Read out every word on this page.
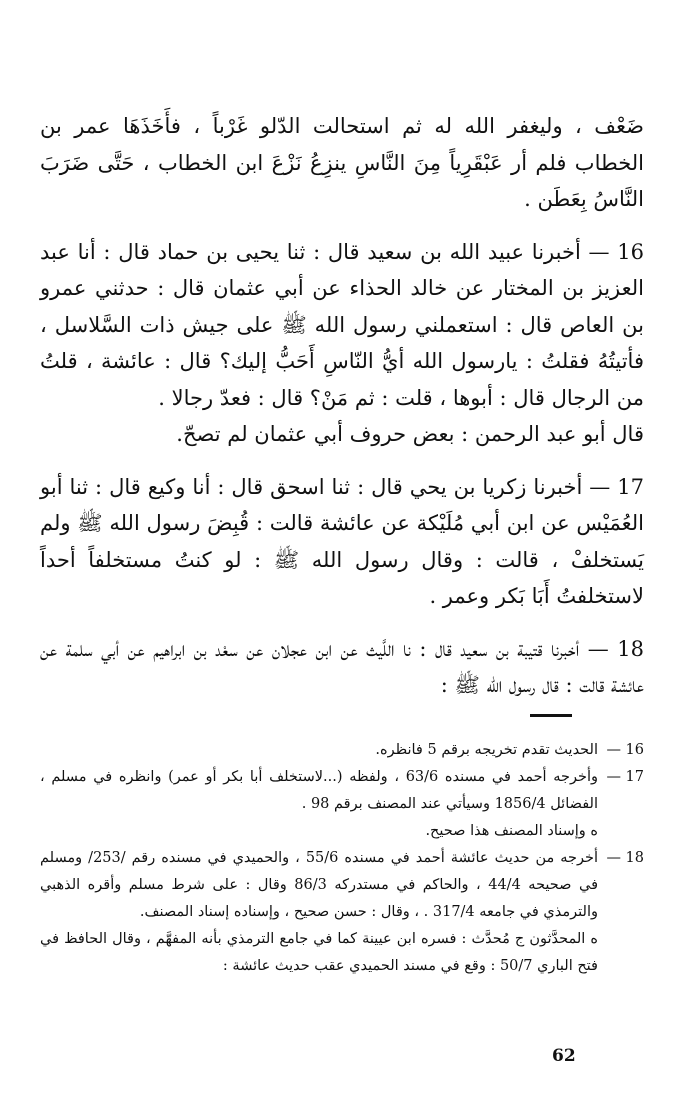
ضَعْف ، وليغفر الله له ثم استحالت الدّلو غَرْباً ، فأَخَذَهَا عمر بن الخطاب فلم أر عَبْقَرِياً مِنَ النَّاسِ ينزِعُ نَزْعَ ابن الخطاب ، حَتَّى ضَرَبَ النَّاسُ بِعَطَن .

16 — أخبرنا عبيد الله بن سعيد قال : ثنا يحيى بن حماد قال : أنا عبد العزيز بن المختار عن خالد الحذاء عن أبي عثمان قال : حدثني عمرو بن العاص قال : استعملني رسول الله ﷺ على جيش ذات السَّلاسل ، فأتيتُهُ فقلتُ : يارسول الله أيُّ النّاسِ أَحَبُّ إليك؟ قال : عائشة ، قلتُ من الرجال قال : أبوها ، قلت : ثم مَنْ؟ قال : فعدّ رجالا .

قال أبو عبد الرحمن : بعض حروف أبي عثمان لم تصحّ.

17 — أخبرنا زكريا بن يحي قال : ثنا اسحق قال : أنا وكيع قال : ثنا أبو العُمَيْس عن ابن أبي مُلَيْكة عن عائشة قالت : قُبِضَ رسول الله ﷺ ولم يَستخلفْ ، قالت : وقال رسول الله ﷺ : لو كنتُ مستخلفاً أحداً لاستخلفتُ أَبَا بَكر وعمر .

18 — أخبرنا قتيبة بن سعيد قال : نا اللَّيث عن ابن عجلان عن سعْد بن ابراهيم عن أبي سلمة عن عائشة قالت : قال رسول الله ﷺ :

16 —
الحديث تقدم تخريجه برقم 5 فانظره.
17 —
وأخرجه أحمد في مسنده 63/6 ، ولفظه (...لاستخلف أبا بكر أو عمر) وانظره في مسلم ، الفضائل 1856/4 وسيأتي عند المصنف برقم 98 .
ه وإسناد المصنف هذا صحيح.
18 —
أخرجه من حديث عائشة أحمد في مسنده 55/6 ، والحميدي في مسنده رقم /253/ ومسلم في صحيحه 44/4 ، والحاكم في مستدركه 86/3 وقال : على شرط مسلم وأقره الذهبي والترمذي في جامعه 317/4 . ، وقال : حسن صحيح ، وإسناده إسناد المصنف.
ه المحدَّثون ج مُحدَّث : فسره ابن عيينة كما في جامع الترمذي بأنه المفهَّم ، وقال الحافظ في فتح الباري 50/7 : وقع في مسند الحميدي عقب حديث عائشة :
62
